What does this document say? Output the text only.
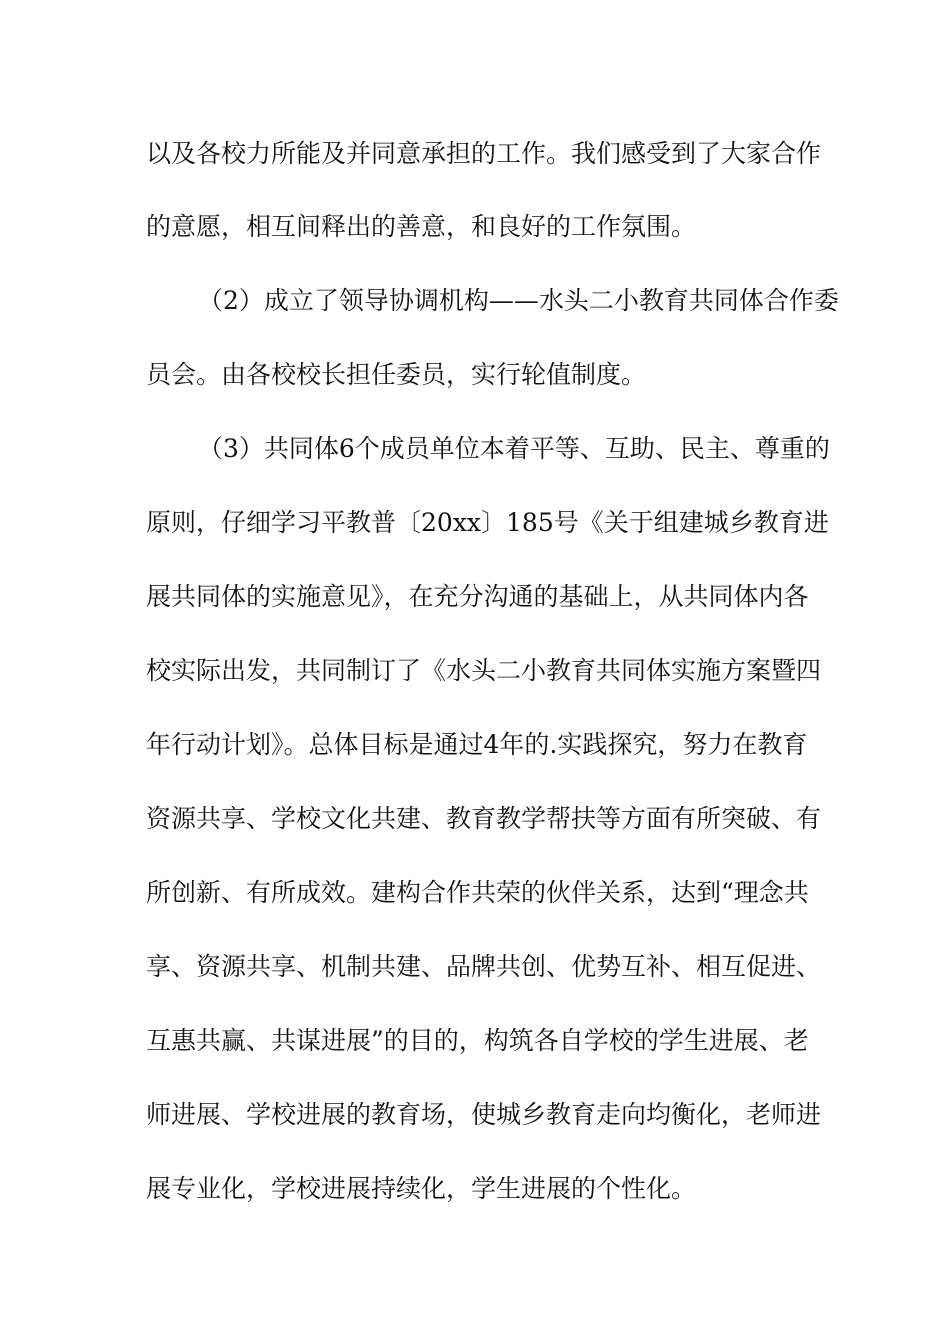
以及各校力所能及并同意承担的工作。我们感受到了大家合作
的意愿，相互间释出的善意，和良好的工作氛围。
（2）成立了领导协调机构——水头二小教育共同体合作委
员会。由各校校长担任委员，实行轮值制度。
（3）共同体6个成员单位本着平等、互助、民主、尊重的
原则，仔细学习平教普〔20xx〕185号《关于组建城乡教育进
展共同体的实施意见》，在充分沟通的基础上，从共同体内各
校实际出发，共同制订了《水头二小教育共同体实施方案暨四
年行动计划》。总体目标是通过4年的.实践探究，努力在教育
资源共享、学校文化共建、教育教学帮扶等方面有所突破、有
所创新、有所成效。建构合作共荣的伙伴关系，达到“理念共
享、资源共享、机制共建、品牌共创、优势互补、相互促进、
互惠共赢、共谋进展”的目的，构筑各自学校的学生进展、老
师进展、学校进展的教育场，使城乡教育走向均衡化，老师进
展专业化，学校进展持续化，学生进展的个性化。
